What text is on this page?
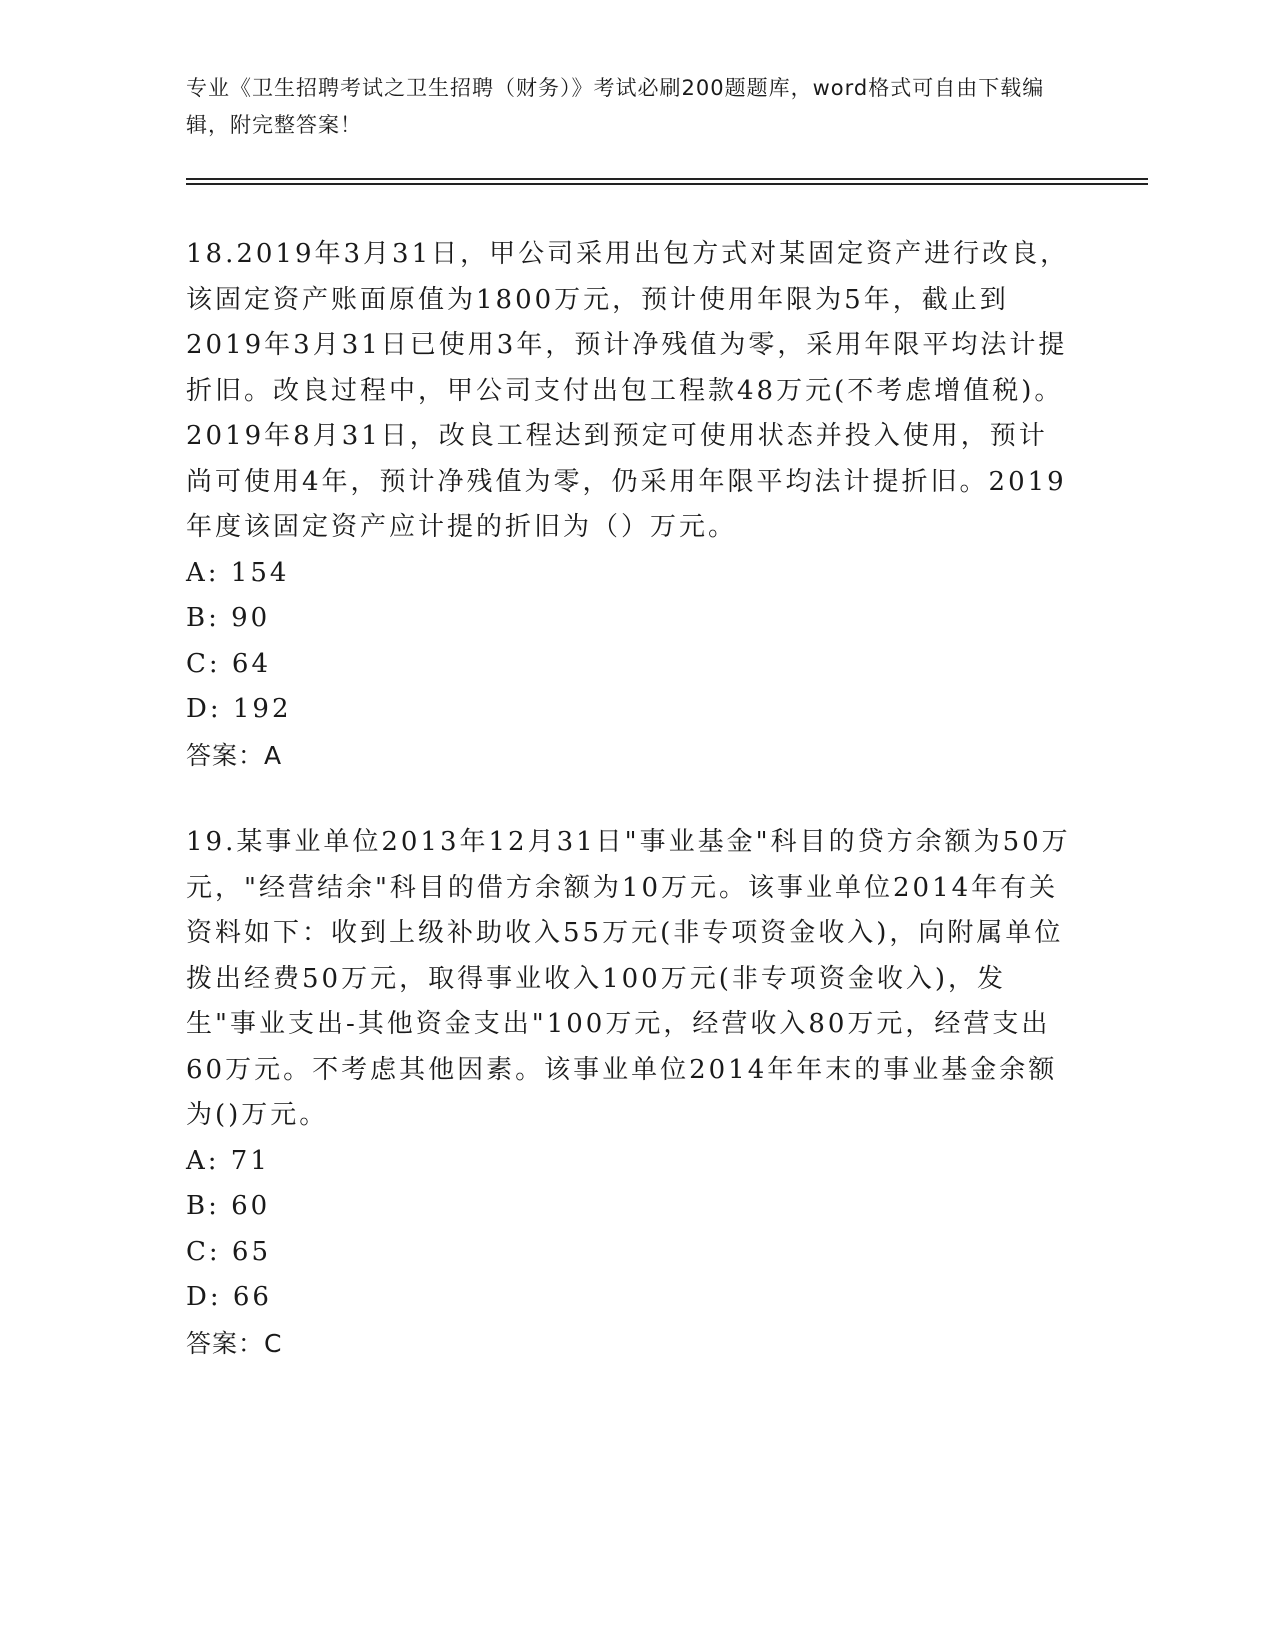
专业《卫生招聘考试之卫生招聘（财务）》考试必刷200题题库，word格式可自由下载编辑，附完整答案！

18.2019年3月31日，甲公司采用出包方式对某固定资产进行改良，该固定资产账面原值为1800万元，预计使用年限为5年，截止到2019年3月31日已使用3年，预计净残值为零，采用年限平均法计提折旧。改良过程中，甲公司支付出包工程款48万元(不考虑增值税)。2019年8月31日，改良工程达到预定可使用状态并投入使用，预计尚可使用4年，预计净残值为零，仍采用年限平均法计提折旧。2019年度该固定资产应计提的折旧为（）万元。

A: 154

B: 90

C: 64

D: 192

答案：A

19.某事业单位2013年12月31日"事业基金"科目的贷方余额为50万元，"经营结余"科目的借方余额为10万元。该事业单位2014年有关资料如下：收到上级补助收入55万元(非专项资金收入)，向附属单位拨出经费50万元，取得事业收入100万元(非专项资金收入)，发生"事业支出-其他资金支出"100万元，经营收入80万元，经营支出60万元。不考虑其他因素。该事业单位2014年年末的事业基金余额为()万元。

A: 71

B: 60

C: 65

D: 66

答案：C
